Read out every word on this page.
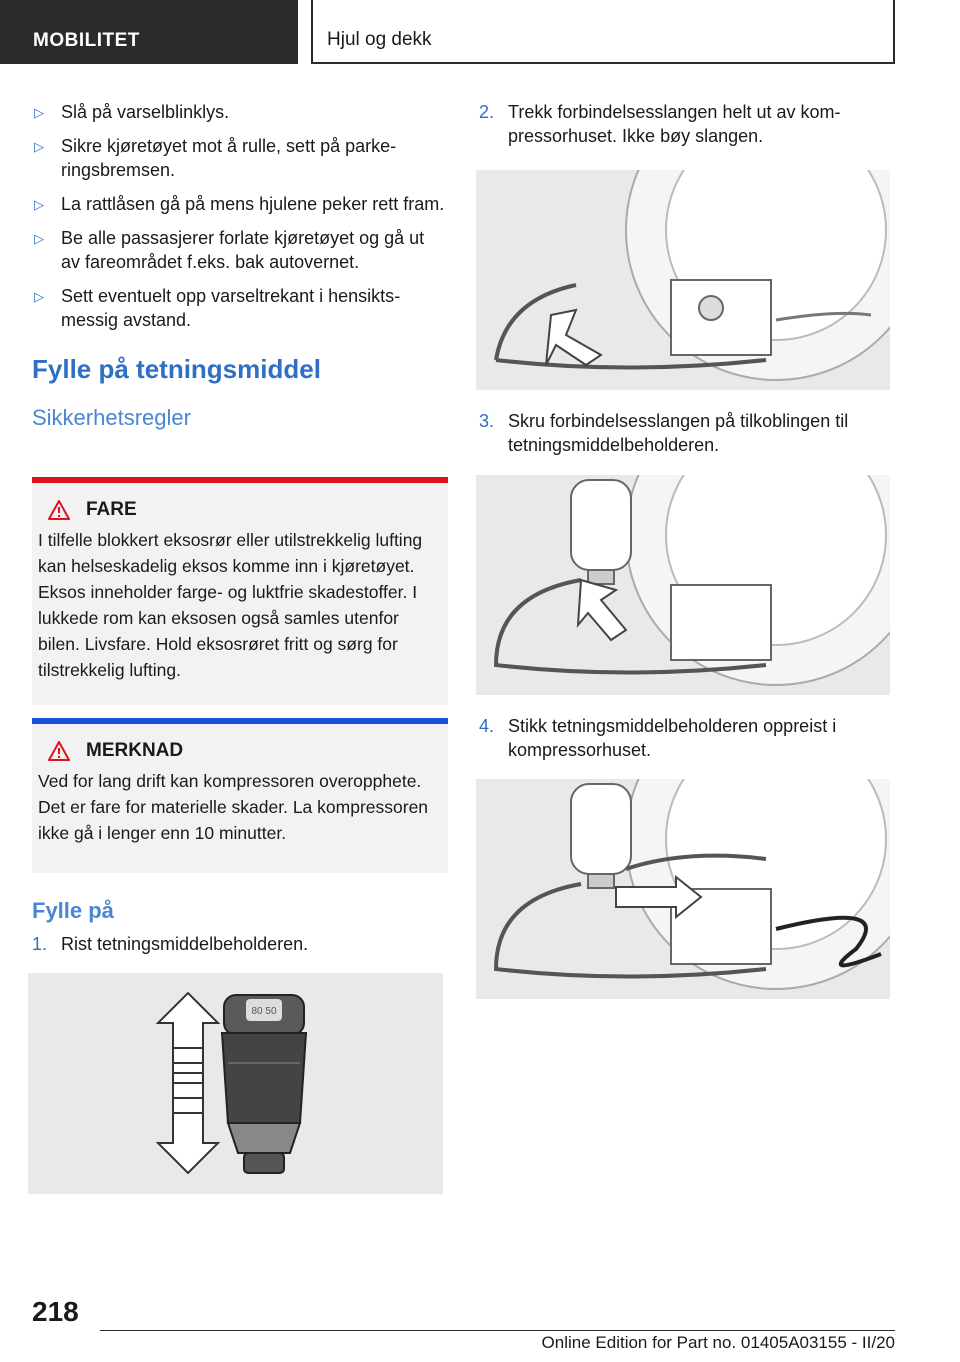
MOBILITET	Hjul og dekk
▷ Slå på varselblinklys.
▷ Sikre kjøretøyet mot å rulle, sett på parkeringsbremsen.
▷ La rattlåsen gå på mens hjulene peker rett fram.
▷ Be alle passasjerer forlate kjøretøyet og gå ut av fareområdet f.eks. bak autovernet.
▷ Sett eventuelt opp varseltrekant i hensiktsmessig avstand.
Fylle på tetningsmiddel
Sikkerhetsregler
FARE

I tilfelle blokkert eksosrør eller utilstrekkelig lufting kan helseskadelig eksos komme inn i kjøretøyet. Eksos inneholder farge- og luktfrie skadestoffer. I lukkede rom kan eksosen også samles utenfor bilen. Livsfare. Hold eksosrøret fritt og sørg for tilstrekkelig lufting.

MERKNAD

Ved for lang drift kan kompressoren overopphete. Det er fare for materielle skader. La kompressoren ikke gå i lenger enn 10 minutter.

Fylle på
1. Rist tetningsmiddelbeholderen.
80 50
2. Trekk forbindelsesslangen helt ut av kompressorhuset. Ikke bøy slangen.
3. Skru forbindelsesslangen på tilkoblingen til tetningsmiddelbeholderen.
4. Stikk tetningsmiddelbeholderen oppreist i kompressorhuset.
218
Online Edition for Part no. 01405A03155 - II/20
